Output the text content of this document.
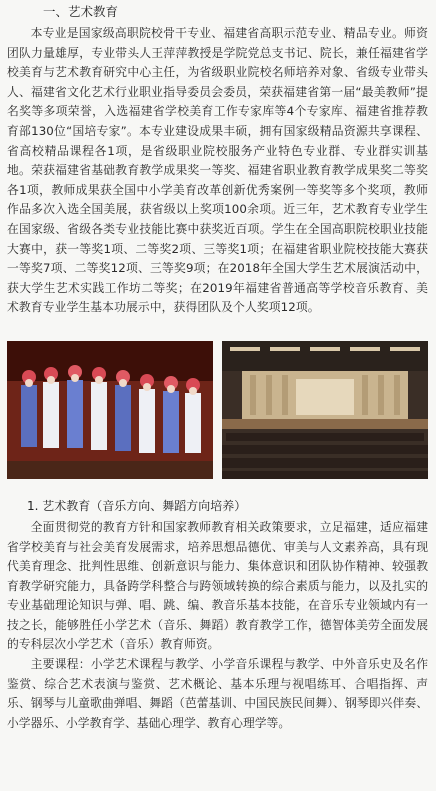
一、艺术教育

本专业是国家级高职院校骨干专业、福建省高职示范专业、精品专业。师资团队力量雄厚，专业带头人王萍萍教授是学院党总支书记、院长，兼任福建省学校美育与艺术教育研究中心主任，为省级职业院校名师培养对象、省级专业带头人、福建省文化艺术行业职业指导委员会委员，荣获福建省第一届“最美教师”提名奖等多项荣誉，入选福建省学校美育工作专家库等4个专家库、福建省推荐教育部130位“国培专家”。本专业建设成果丰硕，拥有国家级精品资源共享课程、省高校精品课程各1项，是省级职业院校服务产业特色专业群、专业群实训基地。荣获福建省基础教育教学成果奖一等奖、福建省职业教育教学成果奖二等奖各1项，教师成果获全国中小学美育改革创新优秀案例一等奖等多个奖项，教师作品多次入选全国美展，获省级以上奖项100余项。近三年，艺术教育专业学生在国家级、省级各类专业技能比赛中获奖近百项。学生在全国高职院校职业技能大赛中，获一等奖1项、二等奖2项、三等奖1项；在福建省职业院校技能大赛获一等奖7项、二等奖12项、三等奖9项；在2018年全国大学生艺术展演活动中，获大学生艺术实践工作坊二等奖；在2019年福建省普通高等学校音乐教育、美术教育专业学生基本功展示中，获得团队及个人奖项12项。

1. 艺术教育（音乐方向、舞蹈方向培养）

全面贯彻党的教育方针和国家教师教育相关政策要求，立足福建，适应福建省学校美育与社会美育发展需求，培养思想品德优、审美与人文素养高，具有现代美育理念、批判性思维、创新意识与能力、集体意识和团队协作精神、较强教育教学研究能力，具备跨学科整合与跨领域转换的综合素质与能力，以及扎实的专业基础理论知识与弹、唱、跳、编、教音乐基本技能，在音乐专业领域内有一技之长，能够胜任小学艺术（音乐、舞蹈）教育教学工作，德智体美劳全面发展的专科层次小学艺术（音乐）教育师资。

主要课程：小学艺术课程与教学、小学音乐课程与教学、中外音乐史及名作鉴赏、综合艺术表演与鉴赏、艺术概论、基本乐理与视唱练耳、合唱指挥、声乐、钢琴与儿童歌曲弹唱、舞蹈（芭蕾基训、中国民族民间舞）、钢琴即兴伴奏、小学器乐、小学教育学、基础心理学、教育心理学等。
